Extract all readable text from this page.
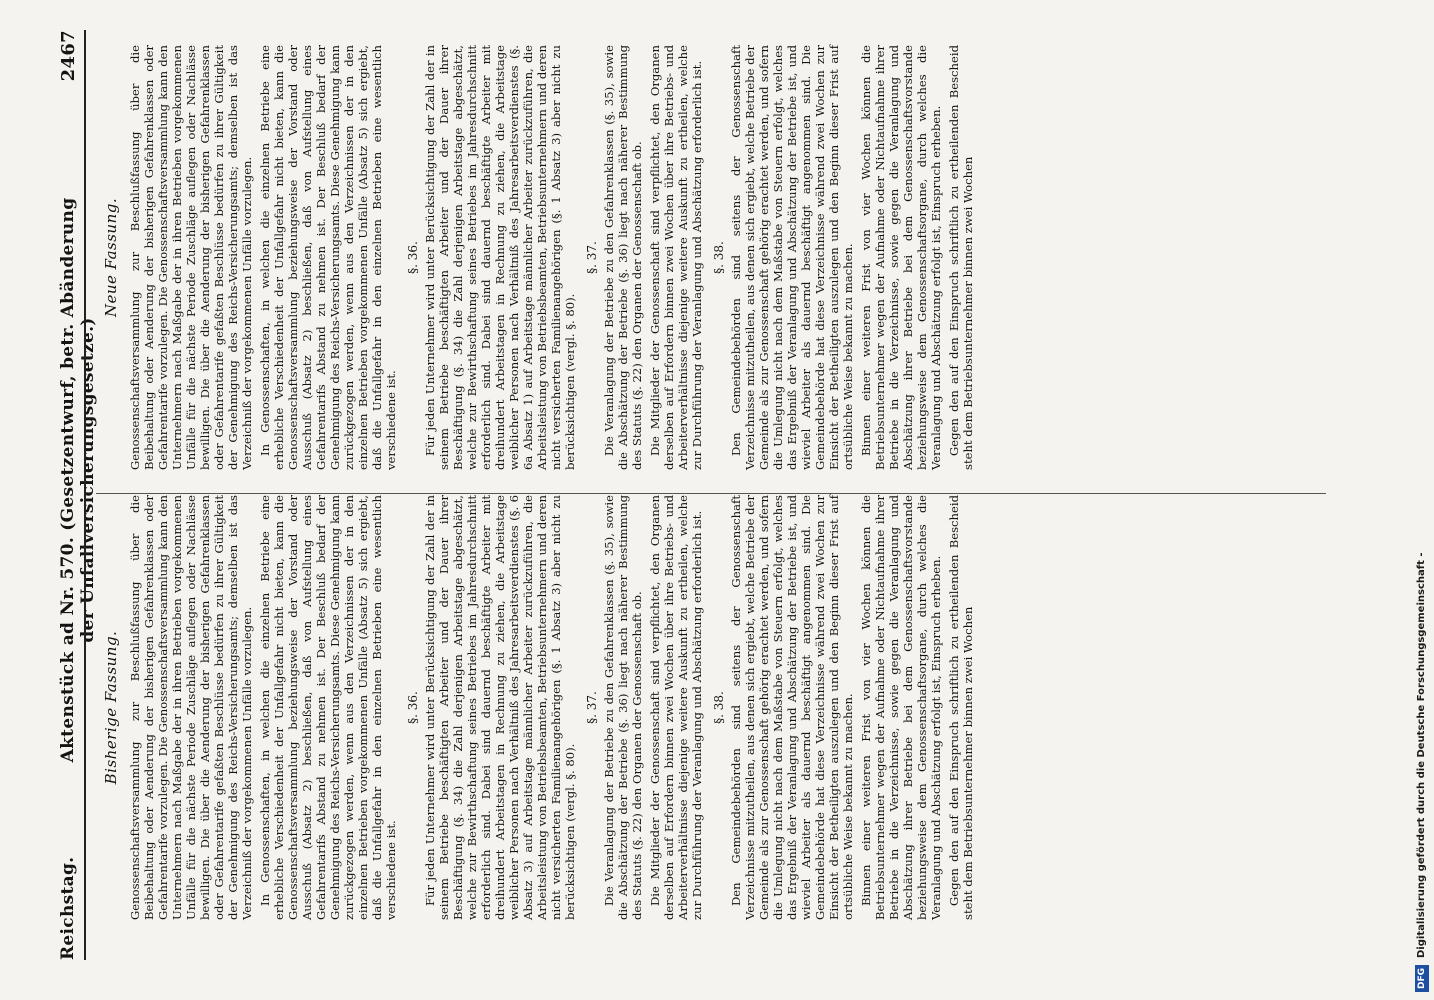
Reichstag.
Aktenstück ad Nr. 570. (Gesetzentwurf, betr. Abänderung der Unfallversicherungsgesetze.)
2467
Bisherige Fassung. Genossenschaftsversammlung zur Beschlußfassung über die Beibehaltung oder Aenderung der bisherigen Gefahrenklassen oder Gefahrentarife vorzulegen. Die Genossenschaftsversammlung kann den Unternehmern nach Maßgabe der in ihren Betrieben vorgekommenen Unfälle für die nächste Periode Zuschläge auflegen oder Nachlässe bewilligen. Die über die Aenderung der bisherigen Gefahrenklassen oder Gefahrentarife gefaßten Beschlüsse bedürfen zu ihrer Gültigkeit der Genehmigung des Reichs-Versicherungsamts; demselben ist das Verzeichniß der vorgekommenen Unfälle vorzulegen. In Genossenschaften, in welchen die einzelnen Betriebe eine erhebliche Verschiedenheit der Unfallgefahr nicht bieten, kann die Genossenschaftsversammlung beziehungsweise der Vorstand oder Ausschuß (Absatz 2) beschließen, daß von Aufstellung eines Gefahrentarifs Abstand zu nehmen ist. Der Beschluß bedarf der Genehmigung des Reichs-Versicherungsamts. Diese Genehmigung kann zurückgezogen werden, wenn aus den Verzeichnissen der in den einzelnen Betrieben vorgekommenen Unfälle (Absatz 5) sich ergiebt, daß die Unfallgefahr in den einzelnen Betrieben eine wesentlich verschiedene ist.

§. 36. Für jeden Unternehmer wird unter Berücksichtigung der Zahl der in seinem Betriebe beschäftigten Arbeiter und der Dauer ihrer Beschäftigung (§. 34) die Zahl derjenigen Arbeitstage abgeschätzt, welche zur Bewirthschaftung seines Betriebes im Jahresdurchschnitt erforderlich sind. Dabei sind dauernd beschäftigte Arbeiter mit dreihundert Arbeitstagen in Rechnung zu ziehen, die Arbeitstage weiblicher Personen nach Verhältniß des Jahresarbeitsverdienstes (§. 6 Absatz 3) auf Arbeitstage männlicher Arbeiter zurückzuführen, die Arbeitsleistung von Betriebsbeamten, Betriebsunternehmern und deren nicht versicherten Familienangehörigen (§. 1 Absatz 3) aber nicht zu berücksichtigen (vergl. §. 80).

§. 37. Die Veranlagung der Betriebe zu den Gefahrenklassen (§. 35), sowie die Abschätzung der Betriebe (§. 36) liegt nach näherer Bestimmung des Statuts (§. 22) den Organen der Genossenschaft ob. Die Mitglieder der Genossenschaft sind verpflichtet, den Organen derselben auf Erfordern binnen zwei Wochen über ihre Betriebs- und Arbeiterverhältnisse diejenige weitere Auskunft zu ertheilen, welche zur Durchführung der Veranlagung und Abschätzung erforderlich ist. §. 38. Den Gemeindebehörden sind seitens der Genossenschaft Verzeichnisse mitzutheilen, aus denen sich ergiebt, welche Betriebe der Gemeinde als zur Genossenschaft gehörig erachtet werden, und sofern die Umlegung nicht nach dem Maßstabe von Steuern erfolgt, welches das Ergebniß der Veranlagung und Abschätzung der Betriebe ist, und wieviel Arbeiter als dauernd beschäftigt angenommen sind. Die Gemeindebehörde hat diese Verzeichnisse während zwei Wochen zur Einsicht der Betheiligten auszulegen und den Beginn dieser Frist auf ortsübliche Weise bekannt zu machen. Binnen einer weiteren Frist von vier Wochen können die Betriebsunternehmer wegen der Aufnahme oder Nichtaufnahme ihrer Betriebe in die Verzeichnisse, sowie gegen die Veranlagung und Abschätzung ihrer Betriebe bei dem Genossenschaftsvorstande beziehungsweise dem Genossenschaftsorgane, durch welches die Veranlagung und Abschätzung erfolgt ist, Einspruch erheben. Gegen den auf den Einspruch schriftlich zu ertheilenden Bescheid steht dem Betriebsunternehmer binnen zwei Wochen

Neue Fassung. Genossenschaftsversammlung zur Beschlußfassung über die Beibehaltung oder Aenderung der bisherigen Gefahrenklassen oder Gefahrentarife vorzulegen. Die Genossenschaftsversammlung kann den Unternehmern nach Maßgabe der in ihren Betrieben vorgekommenen Unfälle für die nächste Periode Zuschläge auflegen oder Nachlässe bewilligen. Die über die Aenderung der bisherigen Gefahrenklassen oder Gefahrentarife gefaßten Beschlüsse bedürfen zu ihrer Gültigkeit der Genehmigung des Reichs-Versicherungsamts; demselben ist das Verzeichniß der vorgekommenen Unfälle vorzulegen. In Genossenschaften, in welchen die einzelnen Betriebe eine erhebliche Verschiedenheit der Unfallgefahr nicht bieten, kann die Genossenschaftsversammlung beziehungsweise der Vorstand oder Ausschuß (Absatz 2) beschließen, daß von Aufstellung eines Gefahrentarifs Abstand zu nehmen ist. Der Beschluß bedarf der Genehmigung des Reichs-Versicherungsamts. Diese Genehmigung kann zurückgezogen werden, wenn aus den Verzeichnissen der in den einzelnen Betrieben vorgekommenen Unfälle (Absatz 5) sich ergiebt, daß die Unfallgefahr in den einzelnen Betrieben eine wesentlich verschiedene ist.

§. 36. Für jeden Unternehmer wird unter Berücksichtigung der Zahl der in seinem Betriebe beschäftigten Arbeiter und der Dauer ihrer Beschäftigung (§. 34) die Zahl derjenigen Arbeitstage abgeschätzt, welche zur Bewirthschaftung seines Betriebes im Jahresdurchschnitt erforderlich sind. Dabei sind dauernd beschäftigte Arbeiter mit dreihundert Arbeitstagen in Rechnung zu ziehen, die Arbeitstage weiblicher Personen nach Verhältniß des Jahresarbeitsverdienstes (§. 6a Absatz 1) auf Arbeitstage männlicher Arbeiter zurückzuführen, die Arbeitsleistung von Betriebsbeamten, Betriebsunternehmern und deren nicht versicherten Familienangehörigen (§. 1 Absatz 3) aber nicht zu berücksichtigen (vergl. §. 80).

§. 37. Die Veranlagung der Betriebe zu den Gefahrenklassen (§. 35), sowie die Abschätzung der Betriebe (§. 36) liegt nach näherer Bestimmung des Statuts (§. 22) den Organen der Genossenschaft ob. Die Mitglieder der Genossenschaft sind verpflichtet, den Organen derselben auf Erfordern binnen zwei Wochen über ihre Betriebs- und Arbeiterverhältnisse diejenige weitere Auskunft zu ertheilen, welche zur Durchführung der Veranlagung und Abschätzung erforderlich ist. §. 38. Den Gemeindebehörden sind seitens der Genossenschaft Verzeichnisse mitzutheilen, aus denen sich ergiebt, welche Betriebe der Gemeinde als zur Genossenschaft gehörig erachtet werden, und sofern die Umlegung nicht nach dem Maßstabe von Steuern erfolgt, welches das Ergebniß der Veranlagung und Abschätzung der Betriebe ist, und wieviel Arbeiter als dauernd beschäftigt angenommen sind. Die Gemeindebehörde hat diese Verzeichnisse während zwei Wochen zur Einsicht der Betheiligten auszulegen und den Beginn dieser Frist auf ortsübliche Weise bekannt zu machen. Binnen einer weiteren Frist von vier Wochen können die Betriebsunternehmer wegen der Aufnahme oder Nichtaufnahme ihrer Betriebe in die Verzeichnisse, sowie gegen die Veranlagung und Abschätzung ihrer Betriebe bei dem Genossenschaftsvorstande beziehungsweise dem Genossenschaftsorgane, durch welches die Veranlagung und Abschätzung erfolgt ist, Einspruch erheben. Gegen den auf den Einspruch schriftlich zu ertheilenden Bescheid steht dem Betriebsunternehmer binnen zwei Wochen

DFG
Digitalisierung gefördert durch die Deutsche Forschungsgemeinschaft -
